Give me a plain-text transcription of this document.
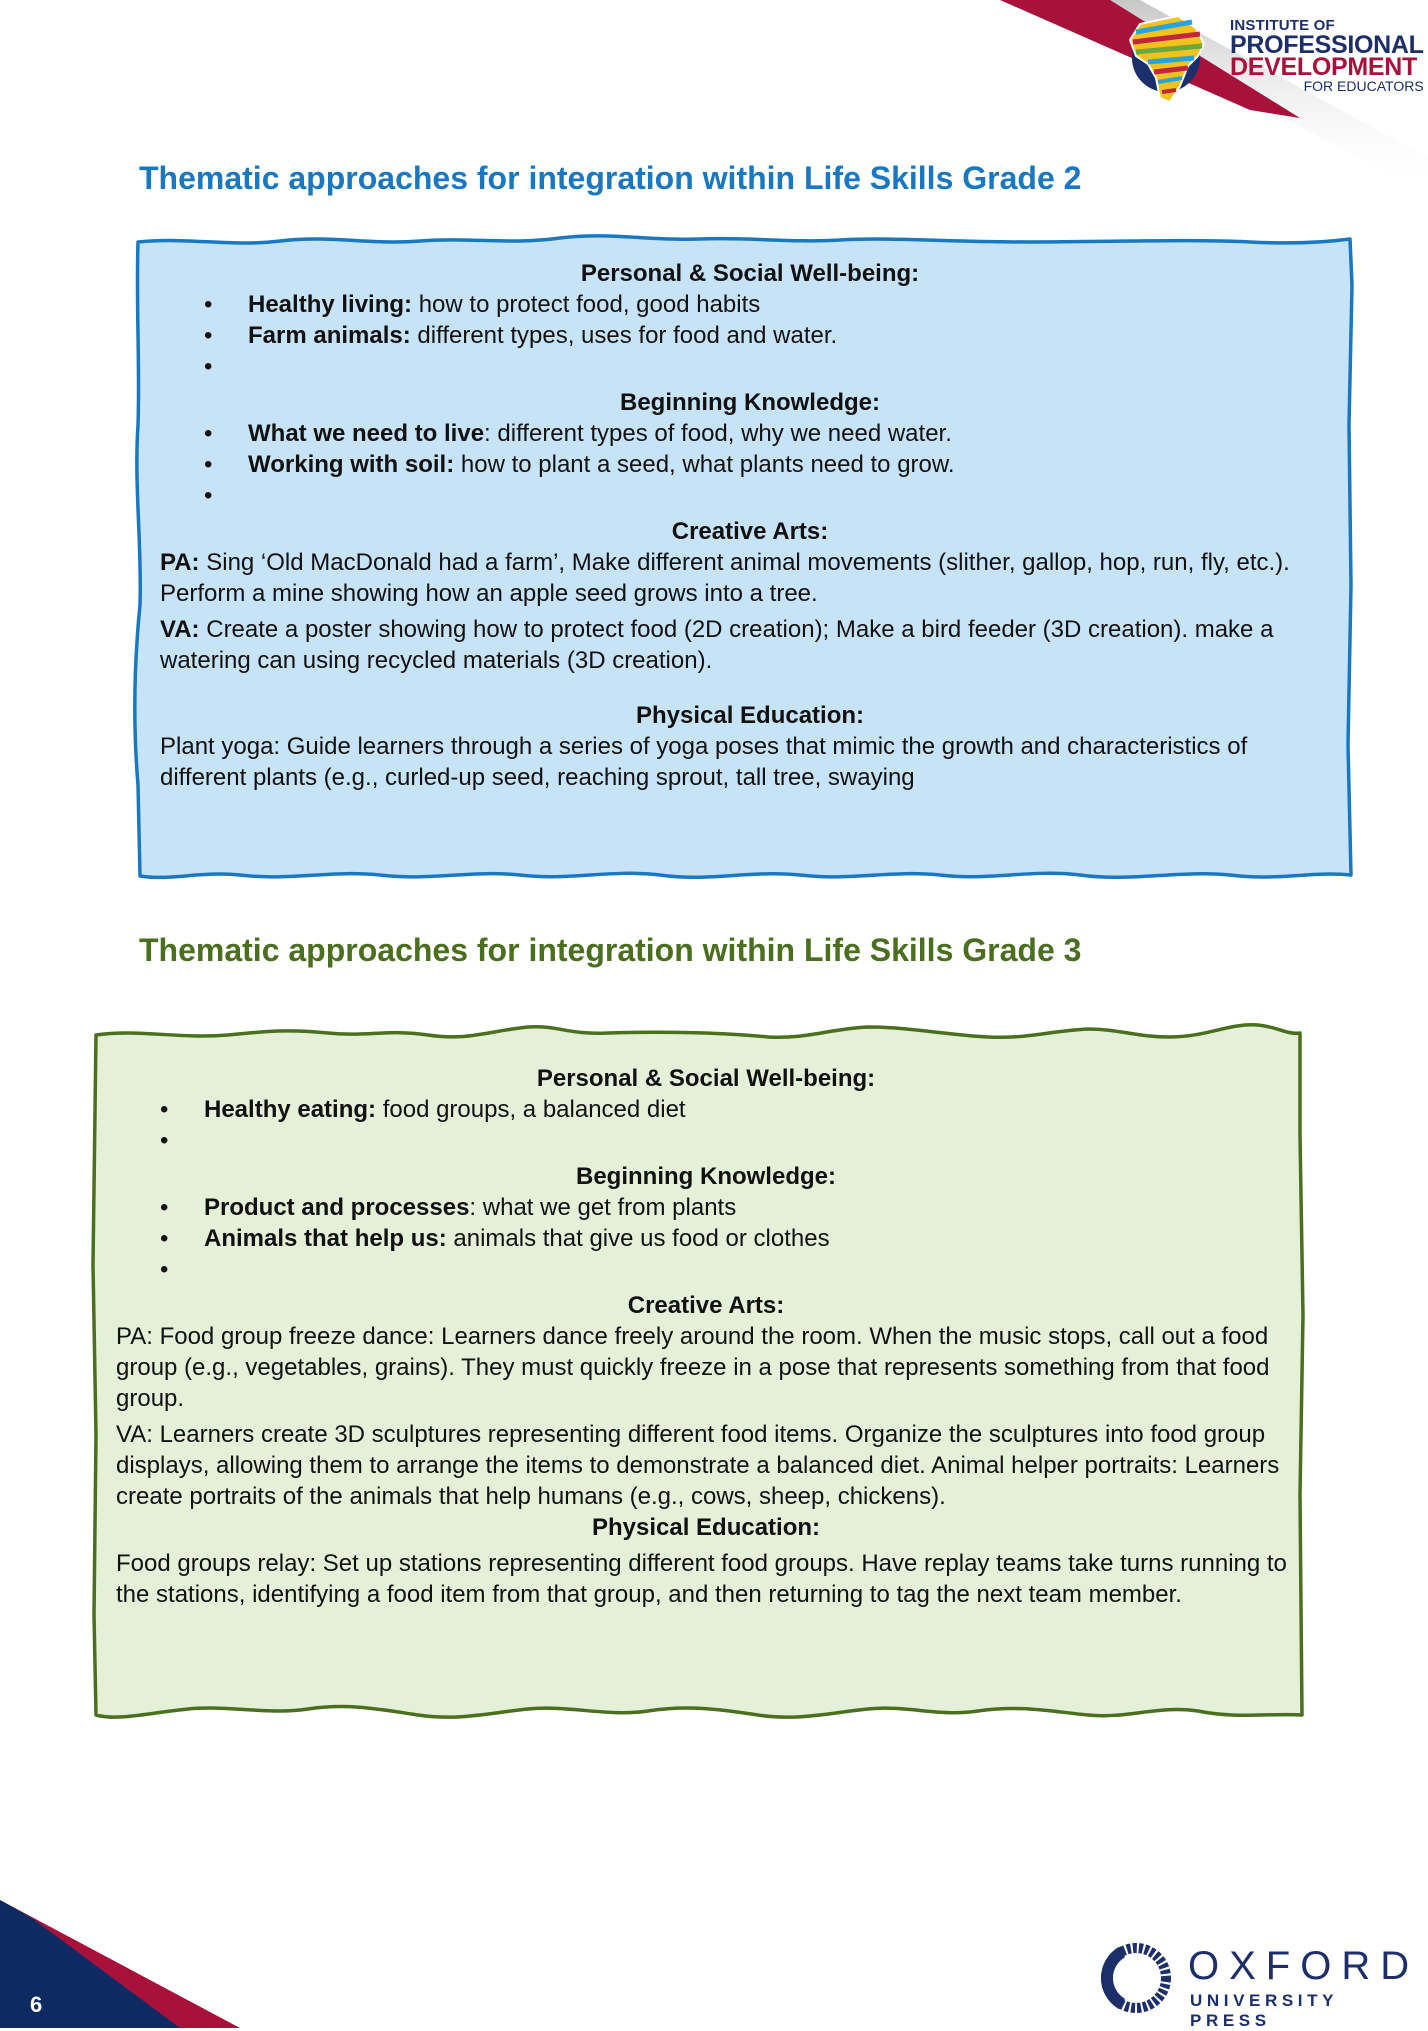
INSTITUTE OF
PROFESSIONAL
DEVELOPMENT
FOR EDUCATORS
Thematic approaches for integration within Life Skills Grade 2
Personal & Social Well-being:
• Healthy living: how to protect food, good habits
• Farm animals: different types, uses for food and water.
•
Beginning Knowledge:
• What we need to live: different types of food, why we need water.
• Working with soil: how to plant a seed, what plants need to grow.
•
Creative Arts:

PA: Sing ‘Old MacDonald had a farm’, Make different animal movements (slither, gallop, hop, run, fly, etc.). Perform a mine showing how an apple seed grows into a tree.

VA: Create a poster showing how to protect food (2D creation); Make a bird feeder (3D creation). make a watering can using recycled materials (3D creation).

Physical Education:

Plant yoga: Guide learners through a series of yoga poses that mimic the growth and characteristics of different plants (e.g., curled-up seed, reaching sprout, tall tree, swaying

Thematic approaches for integration within Life Skills Grade 3
Personal & Social Well-being:
• Healthy eating: food groups, a balanced diet
•
Beginning Knowledge:
• Product and processes: what we get from plants
• Animals that help us: animals that give us food or clothes
•
Creative Arts:

PA: Food group freeze dance: Learners dance freely around the room. When the music stops, call out a food group (e.g., vegetables, grains). They must quickly freeze in a pose that represents something from that food group.

VA: Learners create 3D sculptures representing different food items. Organize the sculptures into food group displays, allowing them to arrange the items to demonstrate a balanced diet. Animal helper portraits: Learners create portraits of the animals that help humans (e.g., cows, sheep, chickens).

Physical Education:

Food groups relay: Set up stations representing different food groups. Have replay teams take turns running to the stations, identifying a food item from that group, and then returning to tag the next team member.

6
OXFORD
UNIVERSITY PRESS
